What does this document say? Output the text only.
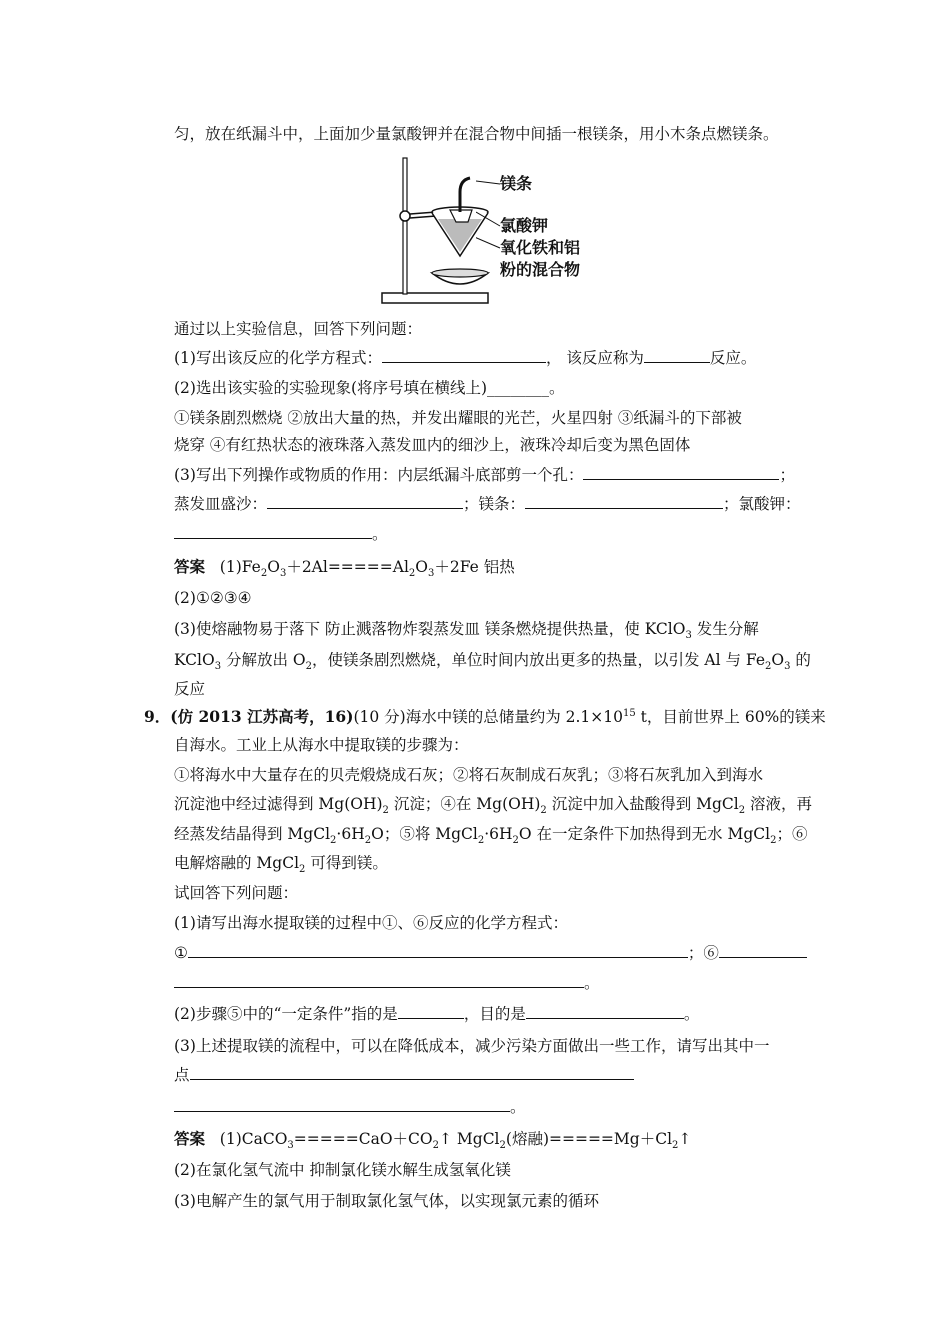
匀，放在纸漏斗中，上面加少量氯酸钾并在混合物中间插一根镁条，用小木条点燃镁条。
镁条
氯酸钾
氧化铁和铝
粉的混合物
通过以上实验信息，回答下列问题：
(1)写出该反应的化学方程式：	， 该反应称为	反应。
(2)选出该实验的实验现象(将序号填在横线上)________。
①镁条剧烈燃烧 ②放出大量的热，并发出耀眼的光芒，火星四射 ③纸漏斗的下部被
烧穿 ④有红热状态的液珠落入蒸发皿内的细沙上，液珠冷却后变为黑色固体
(3)写出下列操作或物质的作用：内层纸漏斗底部剪一个孔：	；
蒸发皿盛沙：	；镁条：	；氯酸钾：
。
答案 $(1)Fe_2O_3+2Al=====Al_2O_3+2Fe$ 铝热
(2)①②③④
(3)使熔融物易于落下 防止溅落物炸裂蒸发皿 镁条燃烧提供热量，使 KClO$_3$ 发生分解
KClO$_3$ 分解放出 $O_2$，使镁条剧烈燃烧，单位时间内放出更多的热量，以引发 Al 与 $Fe_2O_3$ 的
反应
9．(仿 2013 江苏高考，16)(10 分)海水中镁的总储量约为 $2.1\times 10^{15}$ t，目前世界上 60%的镁来
自海水。工业上从海水中提取镁的步骤为：
①将海水中大量存在的贝壳煅烧成石灰；②将石灰制成石灰乳；③将石灰乳加入到海水
沉淀池中经过滤得到 $Mg(OH)_2$ 沉淀；④在 $Mg(OH)_2$ 沉淀中加入盐酸得到 MgCl$_2$ 溶液，再
经蒸发结晶得到 $MgCl_2\cdot 6H_2O$；⑤将 $MgCl_2\cdot 6H_2O$ 在一定条件下加热得到无水 MgCl$_2$；⑥
电解熔融的 MgCl$_2$ 可得到镁。
试回答下列问题：
(1)请写出海水提取镁的过程中①、⑥反应的化学方程式：
①	；⑥
。
(2)步骤⑤中的“一定条件”指的是	，目的是	。
(3)上述提取镁的流程中，可以在降低成本，减少污染方面做出一些工作，请写出其中一
点
。
答案 $(1)CaCO_3=====CaO+CO_2↑$ MgCl$_2$(熔融)$=====Mg+Cl_2↑$
(2)在氯化氢气流中 抑制氯化镁水解生成氢氧化镁
(3)电解产生的氯气用于制取氯化氢气体，以实现氯元素的循环
